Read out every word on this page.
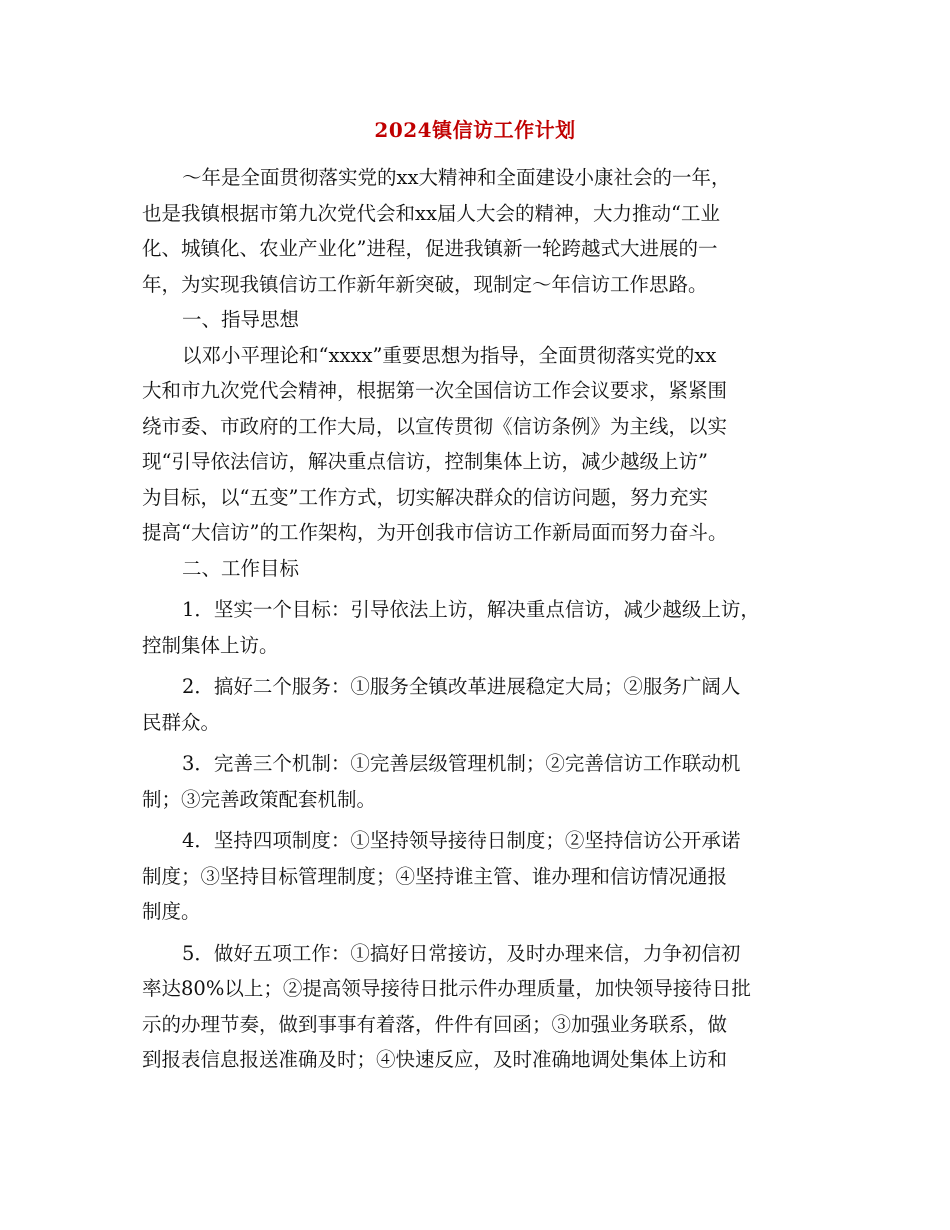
2024镇信访工作计划
～年是全面贯彻落实党的xx大精神和全面建设小康社会的一年，
也是我镇根据市第九次党代会和xx届人大会的精神，大力推动“工业
化、城镇化、农业产业化”进程，促进我镇新一轮跨越式大进展的一
年，为实现我镇信访工作新年新突破，现制定～年信访工作思路。
一、指导思想
以邓小平理论和“xxxx”重要思想为指导，全面贯彻落实党的xx
大和市九次党代会精神，根据第一次全国信访工作会议要求，紧紧围
绕市委、市政府的工作大局，以宣传贯彻《信访条例》为主线，以实
现“引导依法信访，解决重点信访，控制集体上访，减少越级上访”
为目标，以“五变”工作方式，切实解决群众的信访问题，努力充实
提高“大信访”的工作架构，为开创我市信访工作新局面而努力奋斗。
二、工作目标
1．坚实一个目标：引导依法上访，解决重点信访，减少越级上访，
控制集体上访。
2．搞好二个服务：①服务全镇改革进展稳定大局；②服务广阔人
民群众。
3．完善三个机制：①完善层级管理机制；②完善信访工作联动机
制；③完善政策配套机制。
4．坚持四项制度：①坚持领导接待日制度；②坚持信访公开承诺
制度；③坚持目标管理制度；④坚持谁主管、谁办理和信访情况通报
制度。
5．做好五项工作：①搞好日常接访，及时办理来信，力争初信初
率达80%以上；②提高领导接待日批示件办理质量，加快领导接待日批
示的办理节奏，做到事事有着落，件件有回函；③加强业务联系，做
到报表信息报送准确及时；④快速反应，及时准确地调处集体上访和
